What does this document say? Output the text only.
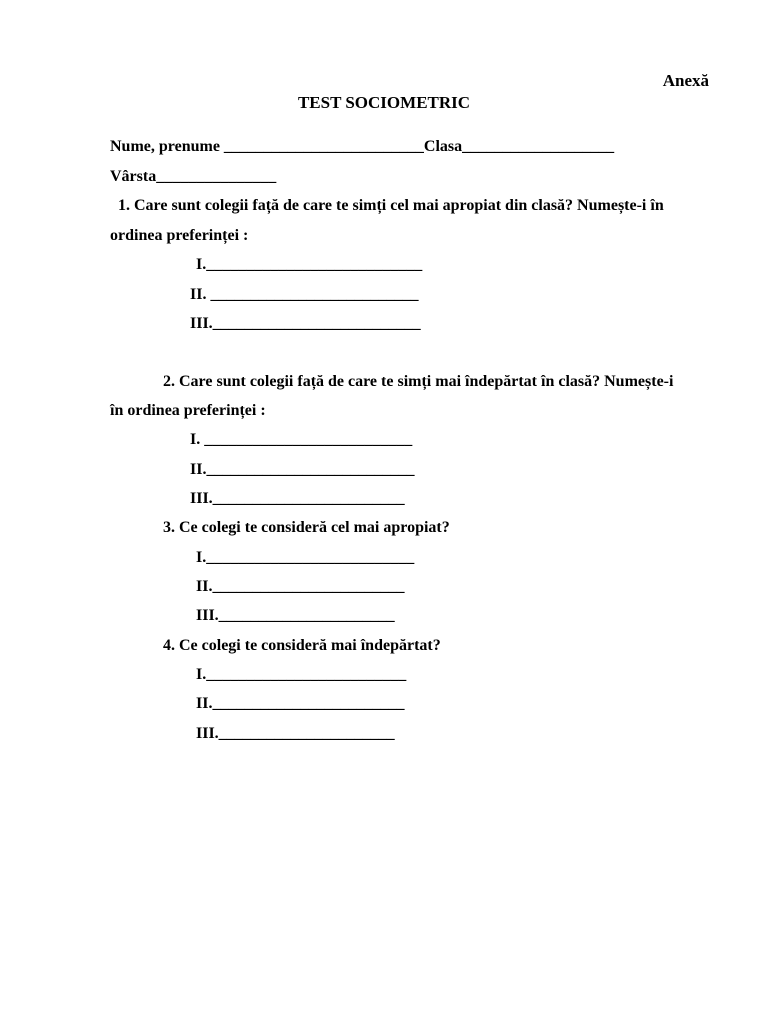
Anexă
TEST SOCIOMETRIC
Nume, prenume _________________________Clasa___________________
Vârsta_______________
1. Care sunt colegii față de care te simți cel mai apropiat din clasă? Numește-i în
ordinea preferinței :
I.___________________________
II. __________________________
III.__________________________
2. Care sunt colegii față de care te simți mai îndepărtat în clasă? Numește-i
în ordinea preferinței :
I. __________________________
II.__________________________
III.________________________
3. Ce colegi te consideră cel mai apropiat?
I.__________________________
II.________________________
III.______________________
4. Ce colegi te consideră mai îndepărtat?
I._________________________
II.________________________
III.______________________
